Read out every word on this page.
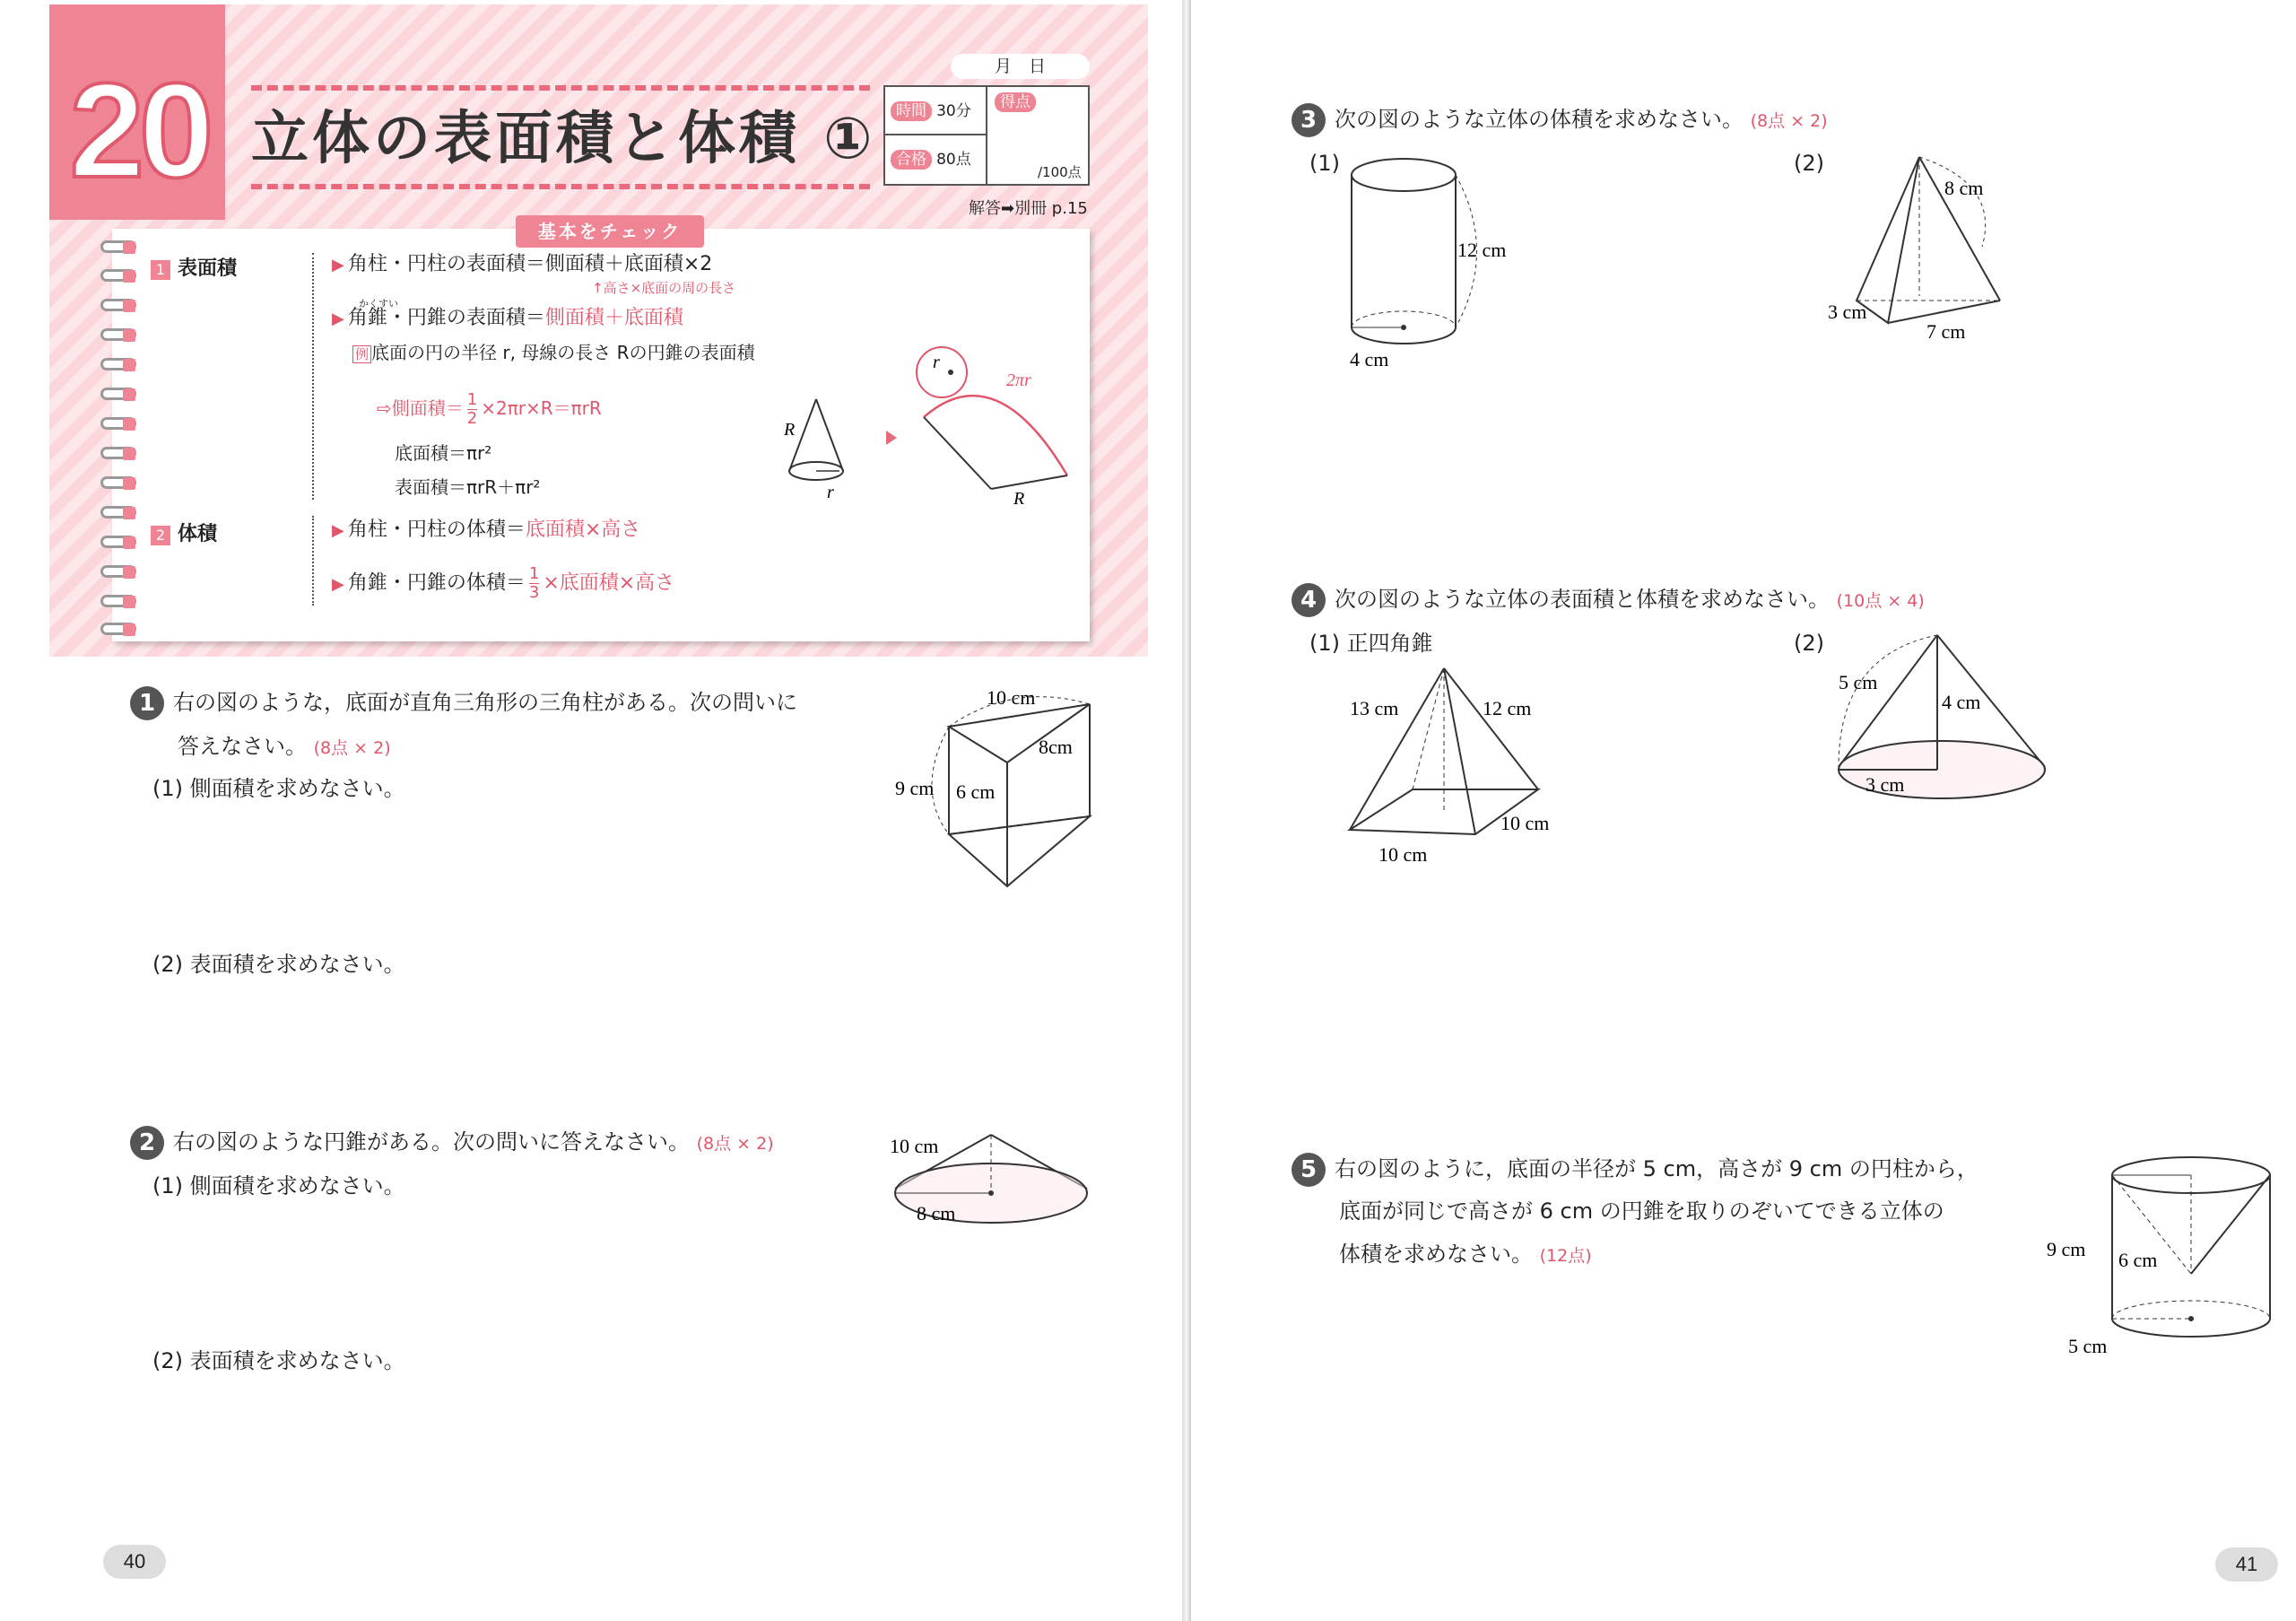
20 立体の表面積と体積 ①
月　日
時間 30分
合格 80点
得点
/100点
解答➡別冊 p.15
基本をチェック
1 表面積
2 体積
▶ 角柱・円柱の表面積＝側面積＋底面積×2
↑高さ×底面の周の長さ
かくすい
▶ 角錐・円錐の表面積＝側面積＋底面積
例 底面の円の半径 r, 母線の長さ Rの円錐の表面積
⇨側面積＝ $\frac{1}{2} \times 2\pi r\times R=\pi rR$
底面積＝πr²
表面積＝πrR＋πr²
▶ 角柱・円柱の体積＝底面積×高さ
▶ 角錐・円錐の体積＝ $\frac{1}{3}$ ×底面積×高さ
R
r
r
2πr
R
1 右の図のような，底面が直角三角形の三角柱がある。次の問いに
答えなさい。 (8点 × 2)
(1) 側面積を求めなさい。
(2) 表面積を求めなさい。
10 cm
8cm
9 cm 6 cm
2 右の図のような円錐がある。次の問いに答えなさい。 (8点 × 2)
(1) 側面積を求めなさい。
(2) 表面積を求めなさい。
10 cm
8 cm
3 次の図のような立体の体積を求めなさい。 (8点 × 2)
(1)	(2)
12 cm
4 cm
8 cm
3 cm
7 cm
4 次の図のような立体の表面積と体積を求めなさい。 (10点 × 4)
(1) 正四角錐	(2)
13 cm	12 cm
10 cm
10 cm
5 cm
4 cm
3 cm
5 右の図のように，底面の半径が 5 cm，高さが 9 cm の円柱から，
底面が同じで高さが 6 cm の円錐を取りのぞいてできる立体の
体積を求めなさい。 (12点)	9 cm 6 cm
5 cm
40	41
